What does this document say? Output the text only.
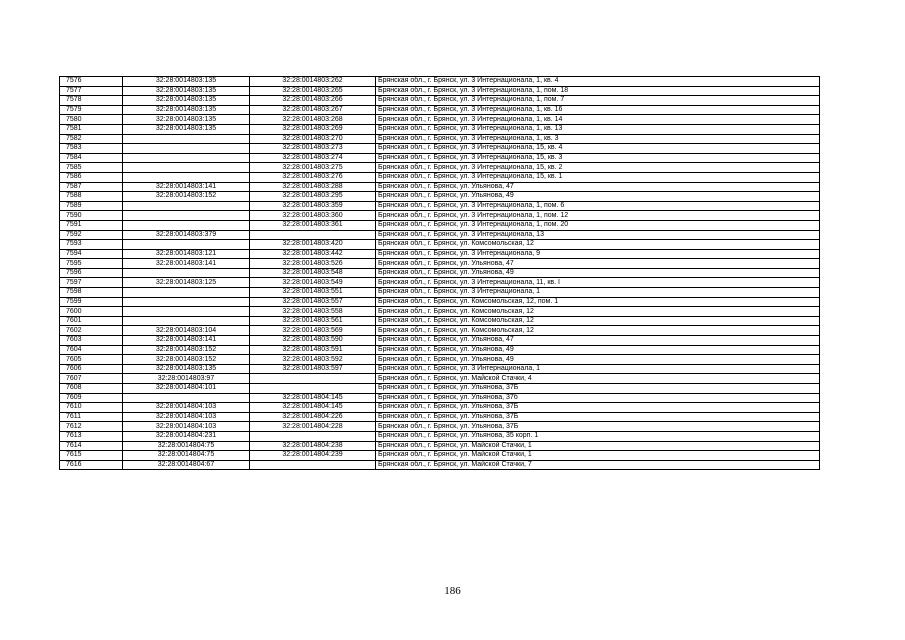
7576	32:28:0014803:135	32:28:0014803:262	Брянская обл., г. Брянск, ул. 3 Интернационала, 1, кв. 4
7577	32:28:0014803:135	32:28:0014803:265	Брянская обл., г. Брянск, ул. 3 Интернационала, 1, пом. 18
7578	32:28:0014803:135	32:28:0014803:266	Брянская обл., г. Брянск, ул. 3 Интернационала, 1, пом. 7
7579	32:28:0014803:135	32:28:0014803:267	Брянская обл., г. Брянск, ул. 3 Интернационала, 1, кв. 16
7580	32:28:0014803:135	32:28:0014803:268	Брянская обл., г. Брянск, ул. 3 Интернационала, 1, кв. 14
7581	32:28:0014803:135	32:28:0014803:269	Брянская обл., г. Брянск, ул. 3 Интернационала, 1, кв. 13
7582		32:28:0014803:270	Брянская обл., г. Брянск, ул. 3 Интернационала, 1, кв. 3
7583		32:28:0014803:273	Брянская обл., г. Брянск, ул. 3 Интернационала, 15, кв. 4
7584		32:28:0014803:274	Брянская обл., г. Брянск, ул. 3 Интернационала, 15, кв. 3
7585		32:28:0014803:275	Брянская обл., г. Брянск, ул. 3 Интернационала, 15, кв. 2
7586		32:28:0014803:276	Брянская обл., г. Брянск, ул. 3 Интернационала, 15, кв. 1
7587	32:28:0014803:141	32:28:0014803:288	Брянская обл., г. Брянск, ул. Ульянова, 47
7588	32:28:0014803:152	32:28:0014803:295	Брянская обл., г. Брянск, ул. Ульянова, 49
7589		32:28:0014803:359	Брянская обл., г. Брянск, ул. 3 Интернационала, 1, пом. 6
7590		32:28:0014803:360	Брянская обл., г. Брянск, ул. 3 Интернационала, 1, пом. 12
7591		32:28:0014803:361	Брянская обл., г. Брянск, ул. 3 Интернационала, 1, пом. 20
7592	32:28:0014803:379		Брянская обл., г. Брянск, ул. 3 Интернационала, 13
7593		32:28:0014803:420	Брянская обл., г. Брянск, ул. Комсомольская, 12
7594	32:28:0014803:121	32:28:0014803:442	Брянская обл., г. Брянск, ул. 3 Интернационала, 9
7595	32:28:0014803:141	32:28:0014803:526	Брянская обл., г. Брянск, ул. Ульянова, 47
7596		32:28:0014803:548	Брянская обл., г. Брянск, ул. Ульянова, 49
7597	32:28:0014803:125	32:28:0014803:549	Брянская обл., г. Брянск, ул. 3 Интернационала, 11, кв. I
7598		32:28:0014803:551	Брянская обл., г. Брянск, ул. 3 Интернационала, 1
7599		32:28:0014803:557	Брянская обл., г. Брянск, ул. Комсомольская, 12, пом. 1
7600		32:28:0014803:558	Брянская обл., г. Брянск, ул. Комсомольская, 12
7601		32:28:0014803:561	Брянская обл., г. Брянск, ул. Комсомольская, 12
7602	32:28:0014803:104	32:28:0014803:569	Брянская обл., г. Брянск, ул. Комсомольская, 12
7603	32:28:0014803:141	32:28:0014803:590	Брянская обл., г. Брянск, ул. Ульянова, 47
7604	32:28:0014803:152	32:28:0014803:591	Брянская обл., г. Брянск, ул. Ульянова, 49
7605	32:28:0014803:152	32:28:0014803:592	Брянская обл., г. Брянск, ул. Ульянова, 49
7606	32:28:0014803:135	32:28:0014803:597	Брянская обл., г. Брянск, ул. 3 Интернационала, 1
7607	32:28:0014803:97		Брянская обл., г. Брянск, ул. Майской Стачки, 4
7608	32:28:0014804:101		Брянская обл., г. Брянск, ул. Ульянова, 37Б
7609		32:28:0014804:145	Брянская обл., г. Брянск, ул. Ульянова, 37б
7610	32:28:0014804:103	32:28:0014804:145	Брянская обл., г. Брянск, ул. Ульянова, 37Б
7611	32:28:0014804:103	32:28:0014804:226	Брянская обл., г. Брянск, ул. Ульянова, 37Б
7612	32:28:0014804:103	32:28:0014804:228	Брянская обл., г. Брянск, ул. Ульянова, 37Б
7613	32:28:0014804:231		Брянская обл., г. Брянск, ул. Ульянова, 35 корп. 1
7614	32:28:0014804:75	32:28:0014804:238	Брянская обл., г. Брянск, ул. Майской Стачки, 1
7615	32:28:0014804:75	32:28:0014804:239	Брянская обл., г. Брянск, ул. Майской Стачки, 1
7616	32:28:0014804:67		Брянская обл., г. Брянск, ул. Майской Стачки, 7
186
